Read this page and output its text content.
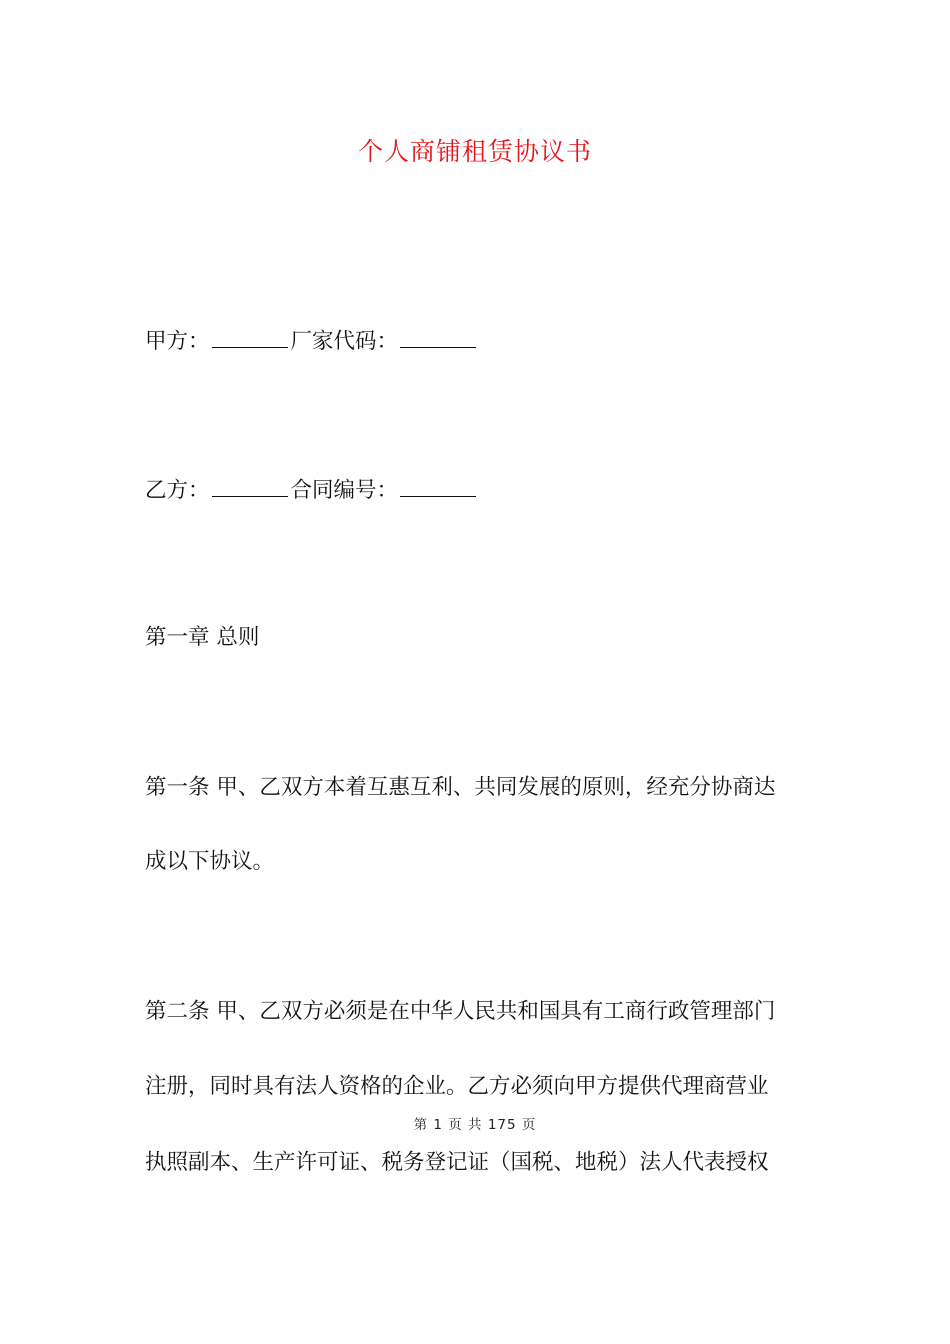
个人商铺租赁协议书
甲方：	厂家代码：
乙方：	合同编号：
第一章 总则
第一条 甲、乙双方本着互惠互利、共同发展的原则，经充分协商达
成以下协议。
第二条 甲、乙双方必须是在中华人民共和国具有工商行政管理部门
注册，同时具有法人资格的企业。乙方必须向甲方提供代理商营业
第 1 页 共 175 页
执照副本、生产许可证、税务登记证（国税、地税）法人代表授权
